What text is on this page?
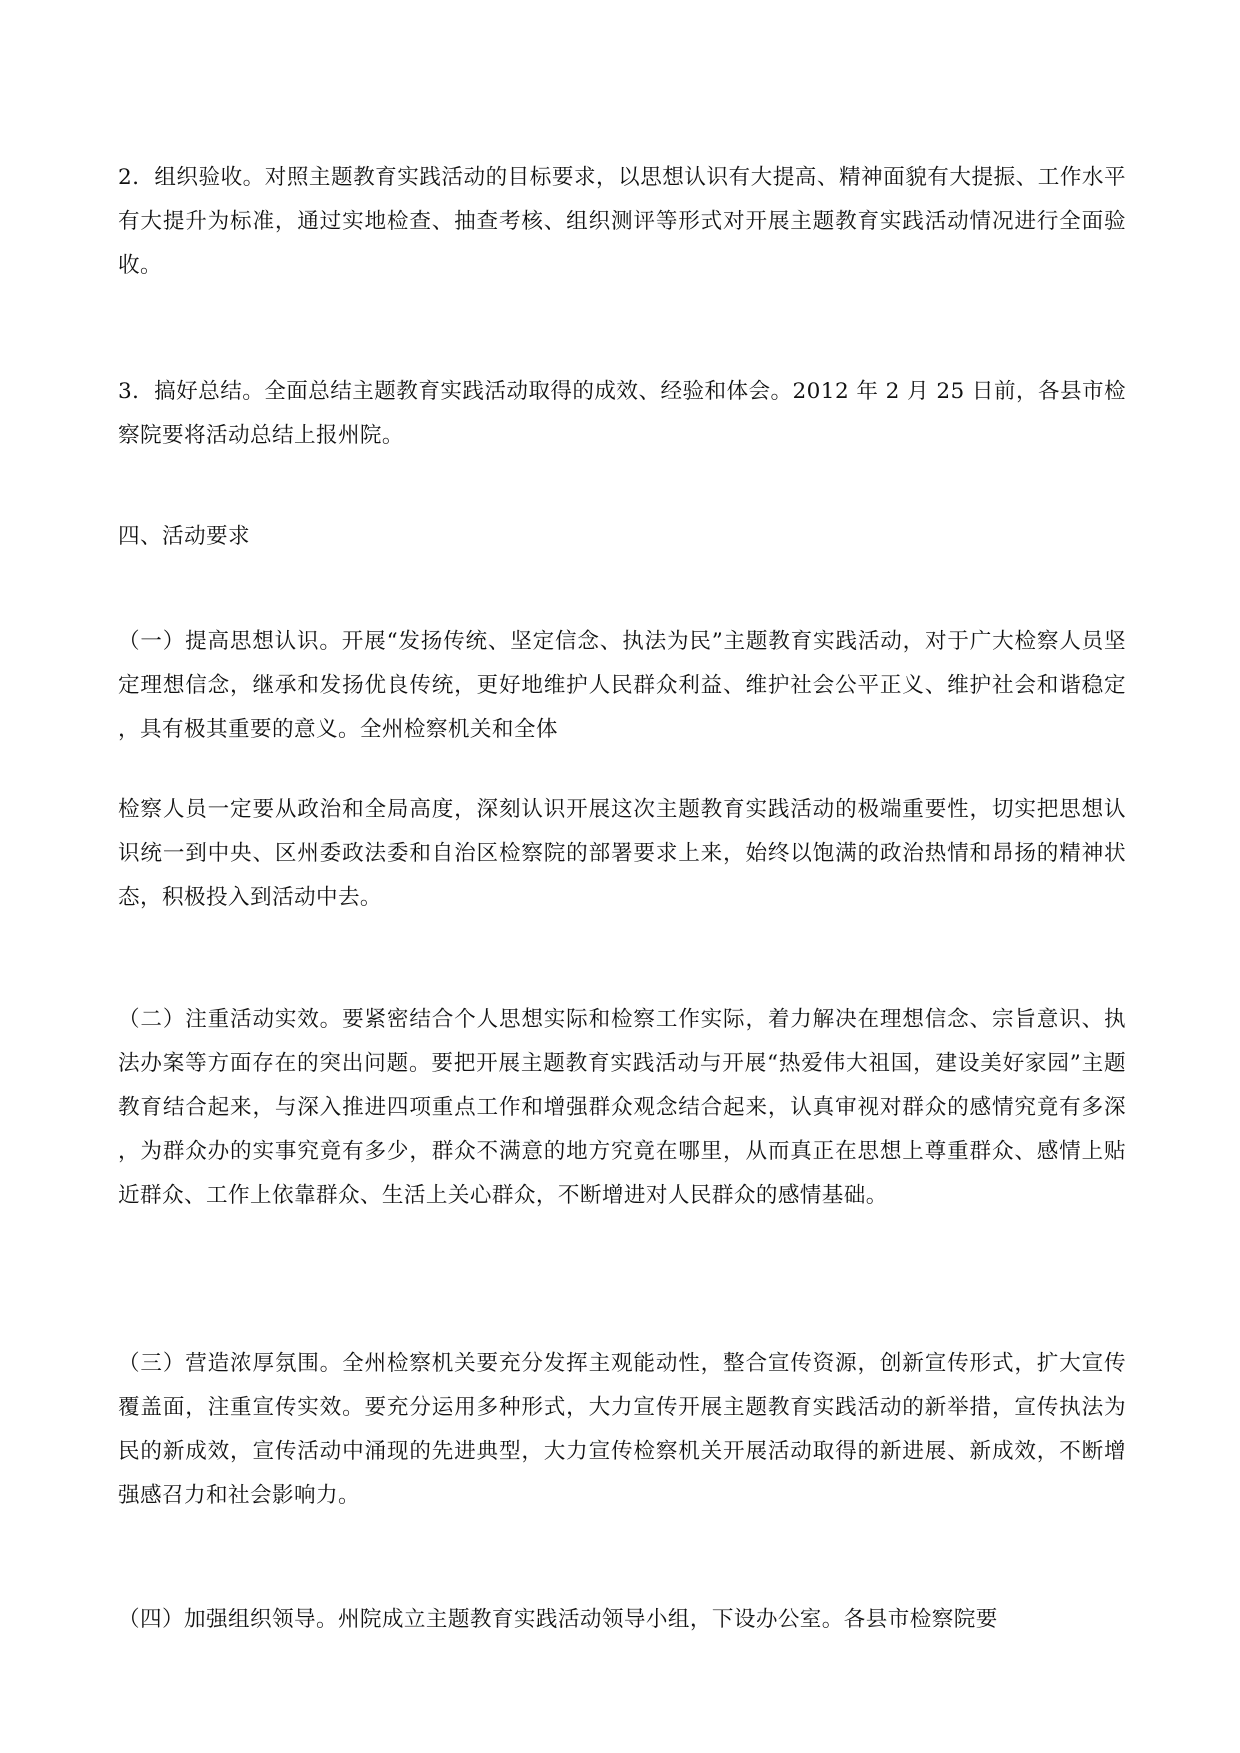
2．组织验收。对照主题教育实践活动的目标要求，以思想认识有大提高、精神面貌有大提振、工作水平有大提升为标准，通过实地检查、抽查考核、组织测评等形式对开展主题教育实践活动情况进行全面验收。

3．搞好总结。全面总结主题教育实践活动取得的成效、经验和体会。2012 年 2 月 25 日前，各县市检察院要将活动总结上报州院。

四、活动要求

（一）提高思想认识。开展“发扬传统、坚定信念、执法为民”主题教育实践活动，对于广大检察人员坚定理想信念，继承和发扬优良传统，更好地维护人民群众利益、维护社会公平正义、维护社会和谐稳定，具有极其重要的意义。全州检察机关和全体

检察人员一定要从政治和全局高度，深刻认识开展这次主题教育实践活动的极端重要性，切实把思想认识统一到中央、区州委政法委和自治区检察院的部署要求上来，始终以饱满的政治热情和昂扬的精神状态，积极投入到活动中去。

（二）注重活动实效。要紧密结合个人思想实际和检察工作实际，着力解决在理想信念、宗旨意识、执法办案等方面存在的突出问题。要把开展主题教育实践活动与开展“热爱伟大祖国，建设美好家园”主题教育结合起来，与深入推进四项重点工作和增强群众观念结合起来，认真审视对群众的感情究竟有多深，为群众办的实事究竟有多少，群众不满意的地方究竟在哪里，从而真正在思想上尊重群众、感情上贴近群众、工作上依靠群众、生活上关心群众，不断增进对人民群众的感情基础。

（三）营造浓厚氛围。全州检察机关要充分发挥主观能动性，整合宣传资源，创新宣传形式，扩大宣传覆盖面，注重宣传实效。要充分运用多种形式，大力宣传开展主题教育实践活动的新举措，宣传执法为民的新成效，宣传活动中涌现的先进典型，大力宣传检察机关开展活动取得的新进展、新成效，不断增强感召力和社会影响力。

（四）加强组织领导。州院成立主题教育实践活动领导小组，下设办公室。各县市检察院要
